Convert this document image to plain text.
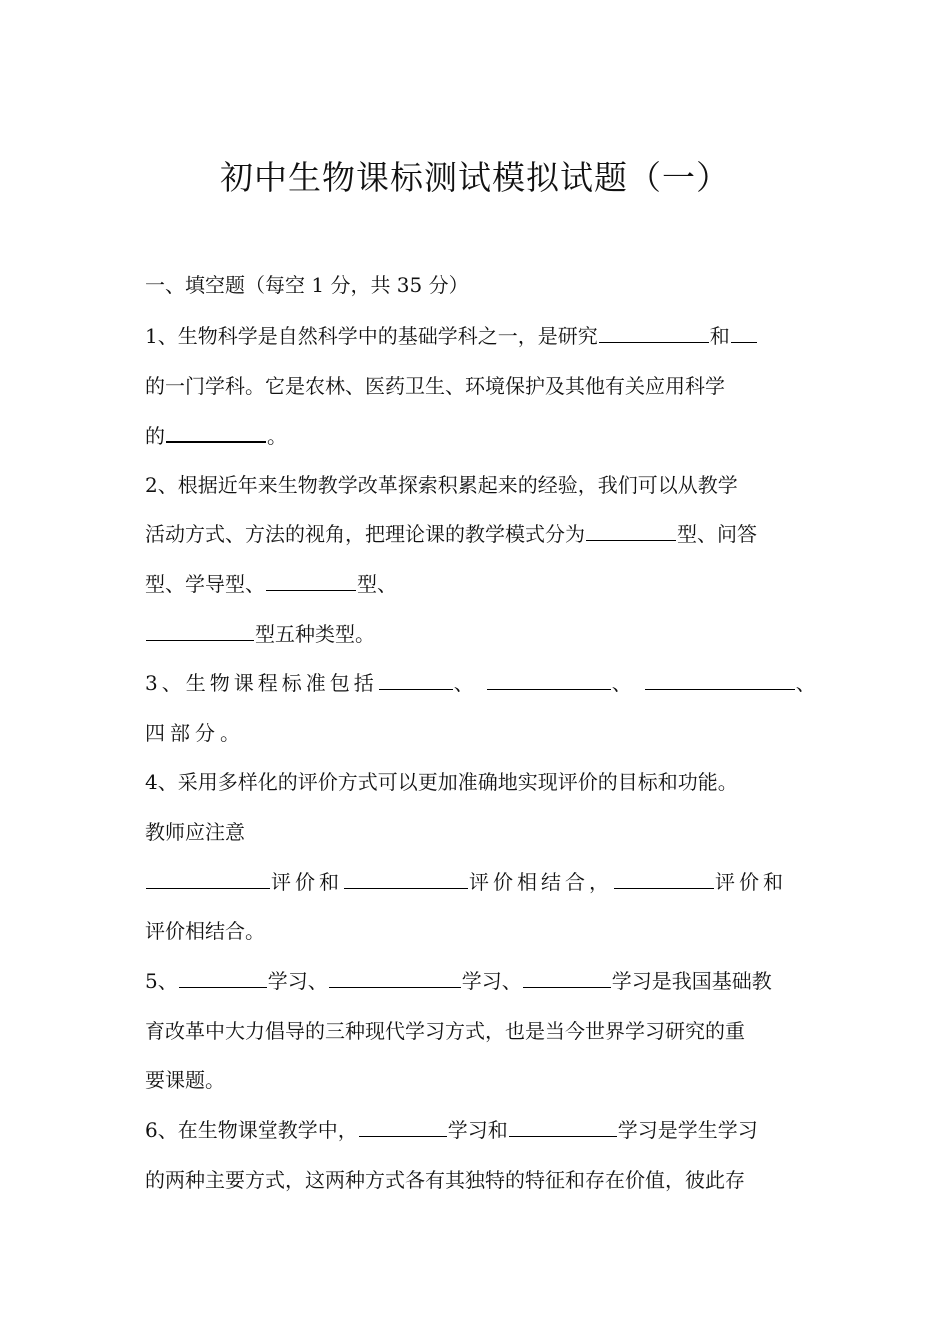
初中生物课标测试模拟试题（一）
一、填空题（每空 1 分，共 35 分）
1、生物科学是自然科学中的基础学科之一，是研究	和
的一门学科。它是农林、医药卫生、环境保护及其他有关应用科学
的	。
2、根据近年来生物教学改革探索积累起来的经验，我们可以从教学
活动方式、方法的视角，把理论课的教学模式分为	型、问答
型、学导型、	型、
型五种类型。
3、生物课程标准包括	、	、	、
四部分。
4、采用多样化的评价方式可以更加准确地实现评价的目标和功能。
教师应注意
评价和	评价相结合，	评价和
评价相结合。
5、	学习、	学习、	学习是我国基础教
育改革中大力倡导的三种现代学习方式，也是当今世界学习研究的重
要课题。
6、在生物课堂教学中，	学习和	学习是学生学习
的两种主要方式，这两种方式各有其独特的特征和存在价值，彼此存
